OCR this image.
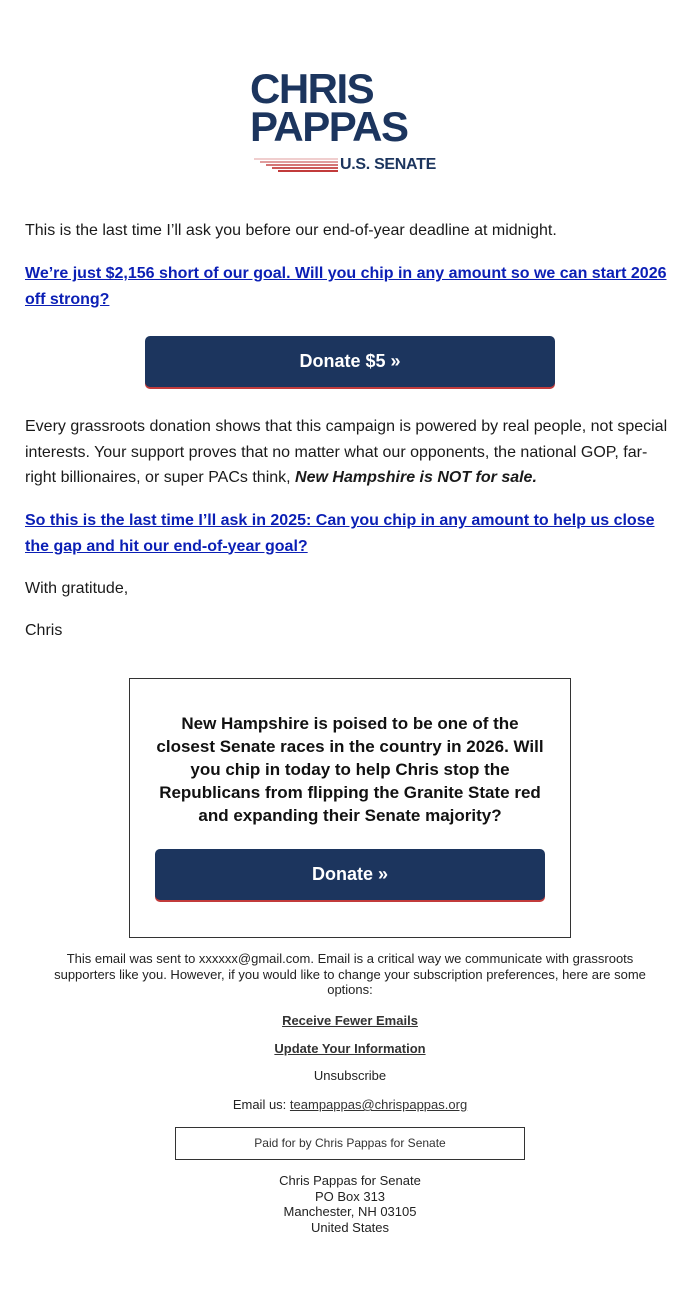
CHRIS
PAPPAS
U.S. SENATE

This is the last time I’ll ask you before our end-of-year deadline at midnight.

We’re just $2,156 short of our goal. Will you chip in any amount so we can start 2026 off strong?

Donate $5 »

Every grassroots donation shows that this campaign is powered by real people, not special interests. Your support proves that no matter what our opponents, the national GOP, far-right billionaires, or super PACs think, New Hampshire is NOT for sale.

So this is the last time I’ll ask in 2025: Can you chip in any amount to help us close the gap and hit our end-of-year goal?

With gratitude,

Chris

New Hampshire is poised to be one of the closest Senate races in the country in 2026. Will you chip in today to help Chris stop the Republicans from flipping the Granite State red and expanding their Senate majority?

Donate »

This email was sent to xxxxxx@gmail.com. Email is a critical way we communicate with grassroots supporters like you. However, if you would like to change your subscription preferences, here are some options:

Receive Fewer Emails

Update Your Information

Unsubscribe

Email us: teampappas@chrispappas.org

Paid for by Chris Pappas for Senate

Chris Pappas for Senate
PO Box 313
Manchester, NH 03105
United States
